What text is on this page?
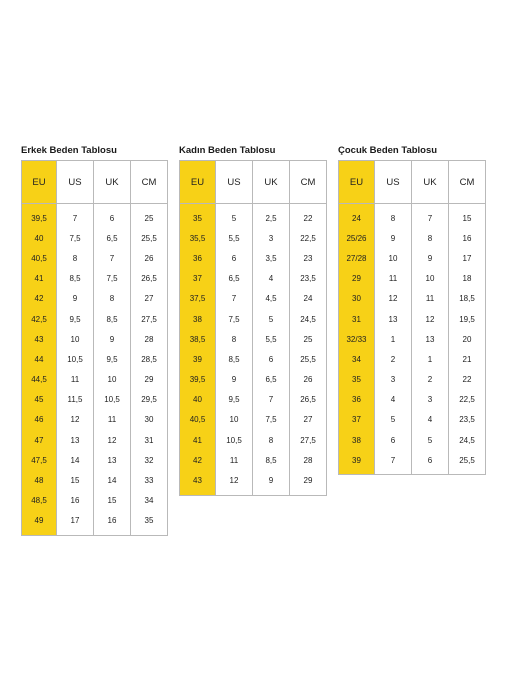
Erkek Beden Tablosu
EU	US	UK	CM

39,5	7	6	25
40	7,5	6,5	25,5
40,5	8	7	26
41	8,5	7,5	26,5
42	9	8	27
42,5	9,5	8,5	27,5
43	10	9	28
44	10,5	9,5	28,5
44,5	11	10	29
45	11,5	10,5	29,5
46	12	11	30
47	13	12	31
47,5	14	13	32
48	15	14	33
48,5	16	15	34
49	17	16	35

Kadın Beden Tablosu
EU	US	UK	CM

35	5	2,5	22
35,5	5,5	3	22,5
36	6	3,5	23
37	6,5	4	23,5
37,5	7	4,5	24
38	7,5	5	24,5
38,5	8	5,5	25
39	8,5	6	25,5
39,5	9	6,5	26
40	9,5	7	26,5
40,5	10	7,5	27
41	10,5	8	27,5
42	11	8,5	28
43	12	9	29

Çocuk Beden Tablosu
EU	US	UK	CM

24	8	7	15
25/26	9	8	16
27/28	10	9	17
29	11	10	18
30	12	11	18,5
31	13	12	19,5
32/33	1	13	20
34	2	1	21
35	3	2	22
36	4	3	22,5
37	5	4	23,5
38	6	5	24,5
39	7	6	25,5
